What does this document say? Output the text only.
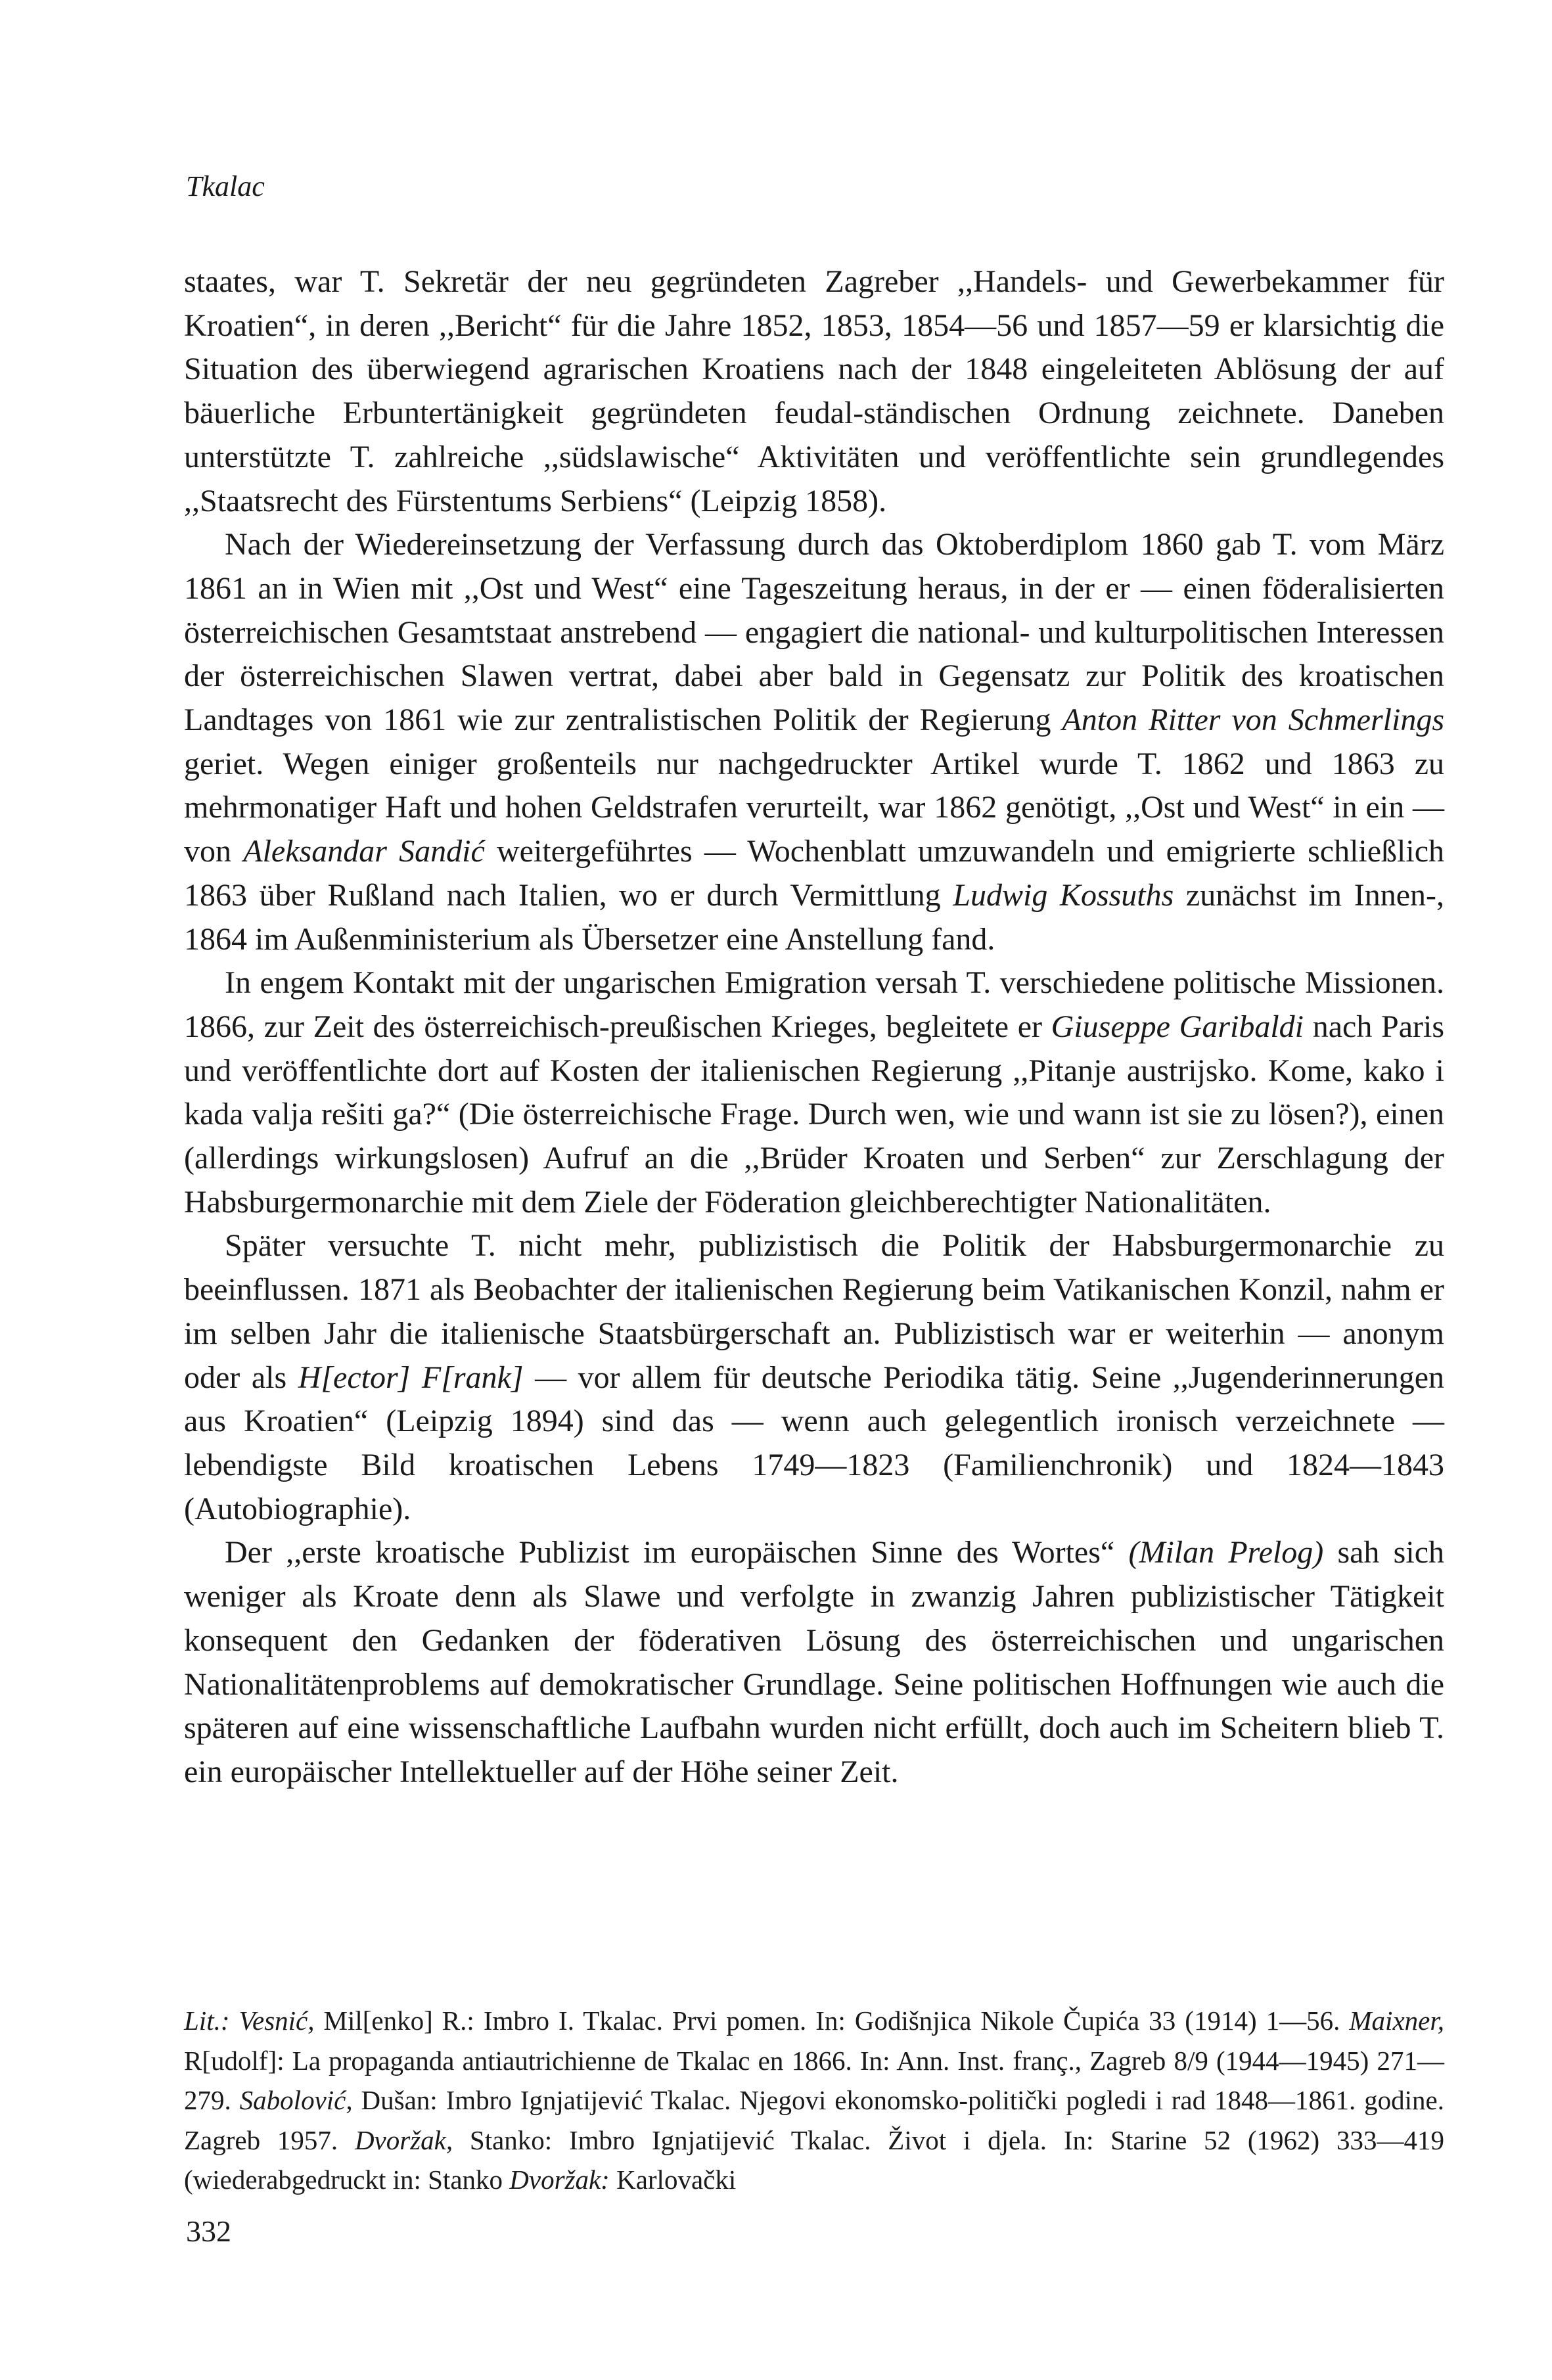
Tkalac

staates, war T. Sekretär der neu gegründeten Zagreber ,,Handels- und Gewerbekammer für Kroatien“, in deren ,,Bericht“ für die Jahre 1852, 1853, 1854—56 und 1857—59 er klarsichtig die Situation des überwiegend agrarischen Kroatiens nach der 1848 eingeleiteten Ablösung der auf bäuerliche Erbuntertänigkeit gegründeten feudal-ständischen Ordnung zeichnete. Daneben unterstützte T. zahlreiche ,,südslawische“ Aktivitäten und veröffentlichte sein grundlegendes ,,Staatsrecht des Fürstentums Serbiens“ (Leipzig 1858).

Nach der Wiedereinsetzung der Verfassung durch das Oktoberdiplom 1860 gab T. vom März 1861 an in Wien mit ,,Ost und West“ eine Tageszeitung heraus, in der er — einen föderalisierten österreichischen Gesamtstaat anstrebend — engagiert die national- und kulturpolitischen Interessen der österreichischen Slawen vertrat, dabei aber bald in Gegensatz zur Politik des kroatischen Landtages von 1861 wie zur zentralistischen Politik der Regierung Anton Ritter von Schmerlings geriet. Wegen einiger großenteils nur nachgedruckter Artikel wurde T. 1862 und 1863 zu mehrmonatiger Haft und hohen Geldstrafen verurteilt, war 1862 genötigt, ,,Ost und West“ in ein — von Aleksandar Sandić weitergeführtes — Wochenblatt umzuwandeln und emigrierte schließlich 1863 über Rußland nach Italien, wo er durch Vermittlung Ludwig Kossuths zunächst im Innen-, 1864 im Außenministerium als Übersetzer eine Anstellung fand.

In engem Kontakt mit der ungarischen Emigration versah T. verschiedene politische Missionen. 1866, zur Zeit des österreichisch-preußischen Krieges, begleitete er Giuseppe Garibaldi nach Paris und veröffentlichte dort auf Kosten der italienischen Regierung ,,Pitanje austrijsko. Kome, kako i kada valja rešiti ga?“ (Die österreichische Frage. Durch wen, wie und wann ist sie zu lösen?), einen (allerdings wirkungslosen) Aufruf an die ,,Brüder Kroaten und Serben“ zur Zerschlagung der Habsburgermonarchie mit dem Ziele der Föderation gleichberechtigter Nationalitäten.

Später versuchte T. nicht mehr, publizistisch die Politik der Habsburgermonarchie zu beeinflussen. 1871 als Beobachter der italienischen Regierung beim Vatikanischen Konzil, nahm er im selben Jahr die italienische Staatsbürgerschaft an. Publizistisch war er weiterhin — anonym oder als H[ector] F[rank] — vor allem für deutsche Periodika tätig. Seine ,,Jugenderinnerungen aus Kroatien“ (Leipzig 1894) sind das — wenn auch gelegentlich ironisch verzeichnete — lebendigste Bild kroatischen Lebens 1749—1823 (Familienchronik) und 1824—1843 (Autobiographie).

Der ,,erste kroatische Publizist im europäischen Sinne des Wortes“ (Milan Prelog) sah sich weniger als Kroate denn als Slawe und verfolgte in zwanzig Jahren publizistischer Tätigkeit konsequent den Gedanken der föderativen Lösung des österreichischen und ungarischen Nationalitätenproblems auf demokratischer Grundlage. Seine politischen Hoffnungen wie auch die späteren auf eine wissenschaftliche Laufbahn wurden nicht erfüllt, doch auch im Scheitern blieb T. ein europäischer Intellektueller auf der Höhe seiner Zeit.

Lit.: Vesnić, Mil[enko] R.: Imbro I. Tkalac. Prvi pomen. In: Godišnjica Nikole Čupića 33 (1914) 1—56. Maixner, R[udolf]: La propaganda antiautrichienne de Tkalac en 1866. In: Ann. Inst. franç., Zagreb 8/9 (1944—1945) 271—279. Sabolović, Dušan: Imbro Ignjatijević Tkalac. Njegovi ekonomsko-politički pogledi i rad 1848—1861. godine. Zagreb 1957. Dvoržak, Stanko: Imbro Ignjatijević Tkalac. Život i djela. In: Starine 52 (1962) 333—419 (wiederabgedruckt in: Stanko Dvoržak: Karlovački

332
